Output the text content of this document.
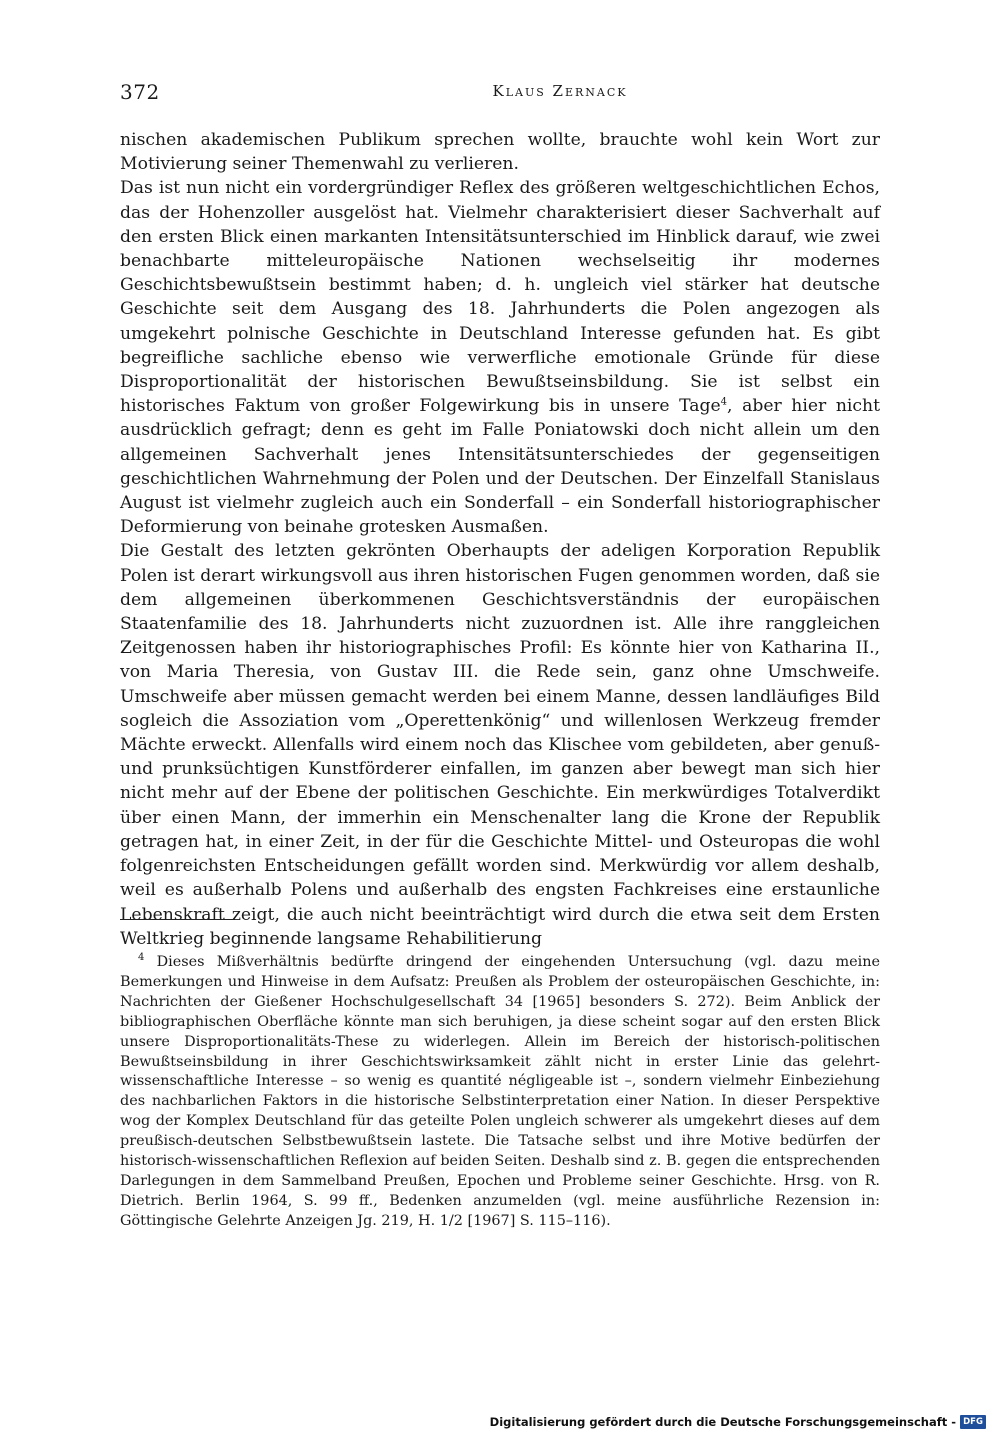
372	Klaus Zernack

nischen akademischen Publikum sprechen wollte, brauchte wohl kein Wort zur Motivierung seiner Themenwahl zu verlieren.

Das ist nun nicht ein vordergründiger Reflex des größeren weltgeschichtlichen Echos, das der Hohenzoller ausgelöst hat. Vielmehr charakterisiert dieser Sachverhalt auf den ersten Blick einen markanten Intensitätsunterschied im Hinblick darauf, wie zwei benachbarte mitteleuropäische Nationen wechselseitig ihr modernes Geschichtsbewußtsein bestimmt haben; d. h. ungleich viel stärker hat deutsche Geschichte seit dem Ausgang des 18. Jahrhunderts die Polen angezogen als umgekehrt polnische Geschichte in Deutschland Interesse gefunden hat. Es gibt begreifliche sachliche ebenso wie verwerfliche emotionale Gründe für diese Disproportionalität der historischen Bewußtseinsbildung. Sie ist selbst ein historisches Faktum von großer Folgewirkung bis in unsere Tage$^4$, aber hier nicht ausdrücklich gefragt; denn es geht im Falle Poniatowski doch nicht allein um den allgemeinen Sachverhalt jenes Intensitätsunterschiedes der gegenseitigen geschichtlichen Wahrnehmung der Polen und der Deutschen. Der Einzelfall Stanislaus August ist vielmehr zugleich auch ein Sonderfall – ein Sonderfall historiographischer Deformierung von beinahe grotesken Ausmaßen.

Die Gestalt des letzten gekrönten Oberhaupts der adeligen Korporation Republik Polen ist derart wirkungsvoll aus ihren historischen Fugen genommen worden, daß sie dem allgemeinen überkommenen Geschichtsverständnis der europäischen Staatenfamilie des 18. Jahrhunderts nicht zuzuordnen ist. Alle ihre ranggleichen Zeitgenossen haben ihr historiographisches Profil: Es könnte hier von Katharina II., von Maria Theresia, von Gustav III. die Rede sein, ganz ohne Umschweife. Umschweife aber müssen gemacht werden bei einem Manne, dessen landläufiges Bild sogleich die Assoziation vom „Operettenkönig“ und willenlosen Werkzeug fremder Mächte erweckt. Allenfalls wird einem noch das Klischee vom gebildeten, aber genuß- und prunksüchtigen Kunstförderer einfallen, im ganzen aber bewegt man sich hier nicht mehr auf der Ebene der politischen Geschichte. Ein merkwürdiges Totalverdikt über einen Mann, der immerhin ein Menschenalter lang die Krone der Republik getragen hat, in einer Zeit, in der für die Geschichte Mittel- und Osteuropas die wohl folgenreichsten Entscheidungen gefällt worden sind. Merkwürdig vor allem deshalb, weil es außerhalb Polens und außerhalb des engsten Fachkreises eine erstaunliche Lebenskraft zeigt, die auch nicht beeinträchtigt wird durch die etwa seit dem Ersten Weltkrieg beginnende langsame Rehabilitierung

$^4$ Dieses Mißverhältnis bedürfte dringend der eingehenden Untersuchung (vgl. dazu meine Bemerkungen und Hinweise in dem Aufsatz: Preußen als Problem der osteuropäischen Geschichte, in: Nachrichten der Gießener Hochschulgesellschaft 34 [1965] besonders S. 272). Beim Anblick der bibliographischen Oberfläche könnte man sich beruhigen, ja diese scheint sogar auf den ersten Blick unsere Disproportionalitäts-These zu widerlegen. Allein im Bereich der historisch-politischen Bewußtseinsbildung in ihrer Geschichtswirksamkeit zählt nicht in erster Linie das gelehrt-wissenschaftliche Interesse – so wenig es quantité négligeable ist –, sondern vielmehr Einbeziehung des nachbarlichen Faktors in die historische Selbstinterpretation einer Nation. In dieser Perspektive wog der Komplex Deutschland für das geteilte Polen ungleich schwerer als umgekehrt dieses auf dem preußisch-deutschen Selbstbewußtsein lastete. Die Tatsache selbst und ihre Motive bedürfen der historisch-wissenschaftlichen Reflexion auf beiden Seiten. Deshalb sind z. B. gegen die entsprechenden Darlegungen in dem Sammelband Preußen, Epochen und Probleme seiner Geschichte. Hrsg. von R. Dietrich. Berlin 1964, S. 99 ff., Bedenken anzumelden (vgl. meine ausführliche Rezension in: Göttingische Gelehrte Anzeigen Jg. 219, H. 1/2 [1967] S. 115–116).

Digitalisierung gefördert durch die Deutsche Forschungsgemeinschaft - DFG
